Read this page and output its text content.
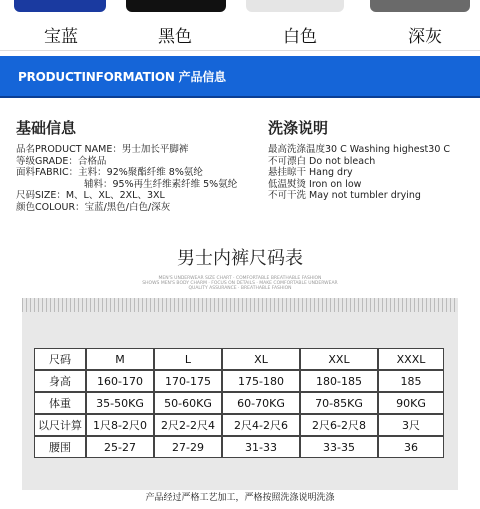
宝蓝	黑色	白色	深灰
PRODUCTINFORMATION 产品信息
基础信息
品名PRODUCT NAME：男士加长平脚裤
等级GRADE：合格品
面料FABRIC：主料：92%聚酯纤维 8%氨纶
辅料：95%再生纤维素纤维 5%氨纶
尺码SIZE：M、L、XL、2XL、3XL
颜色COLOUR：宝蓝/黑色/白色/深灰
洗涤说明
最高洗涤温度30 C Washing highest30 C
不可漂白 Do not bleach
悬挂晾干 Hang dry
低温熨烫 Iron on low
不可干洗 May not tumbler drying
男士内裤尺码表
MEN'S UNDERWEAR SIZE CHART · COMFORTABLE BREATHABLE FASHION
SHOWS MEN'S BODY CHARM · FOCUS ON DETAILS · MAKE COMFORTABLE UNDERWEAR
QUALITY ASSURANCE · BREATHABLE FASHION
尺码	M	L	XL	XXL	XXXL
身高	160-170	170-175	175-180	180-185	185
体重	35-50KG	50-60KG	60-70KG	70-85KG	90KG
以尺计算	1尺8-2尺0	2尺2-2尺4	2尺4-2尺6	2尺6-2尺8	3尺
腰围	25-27	27-29	31-33	33-35	36
产品经过严格工艺加工，严格按照洗涤说明洗涤
